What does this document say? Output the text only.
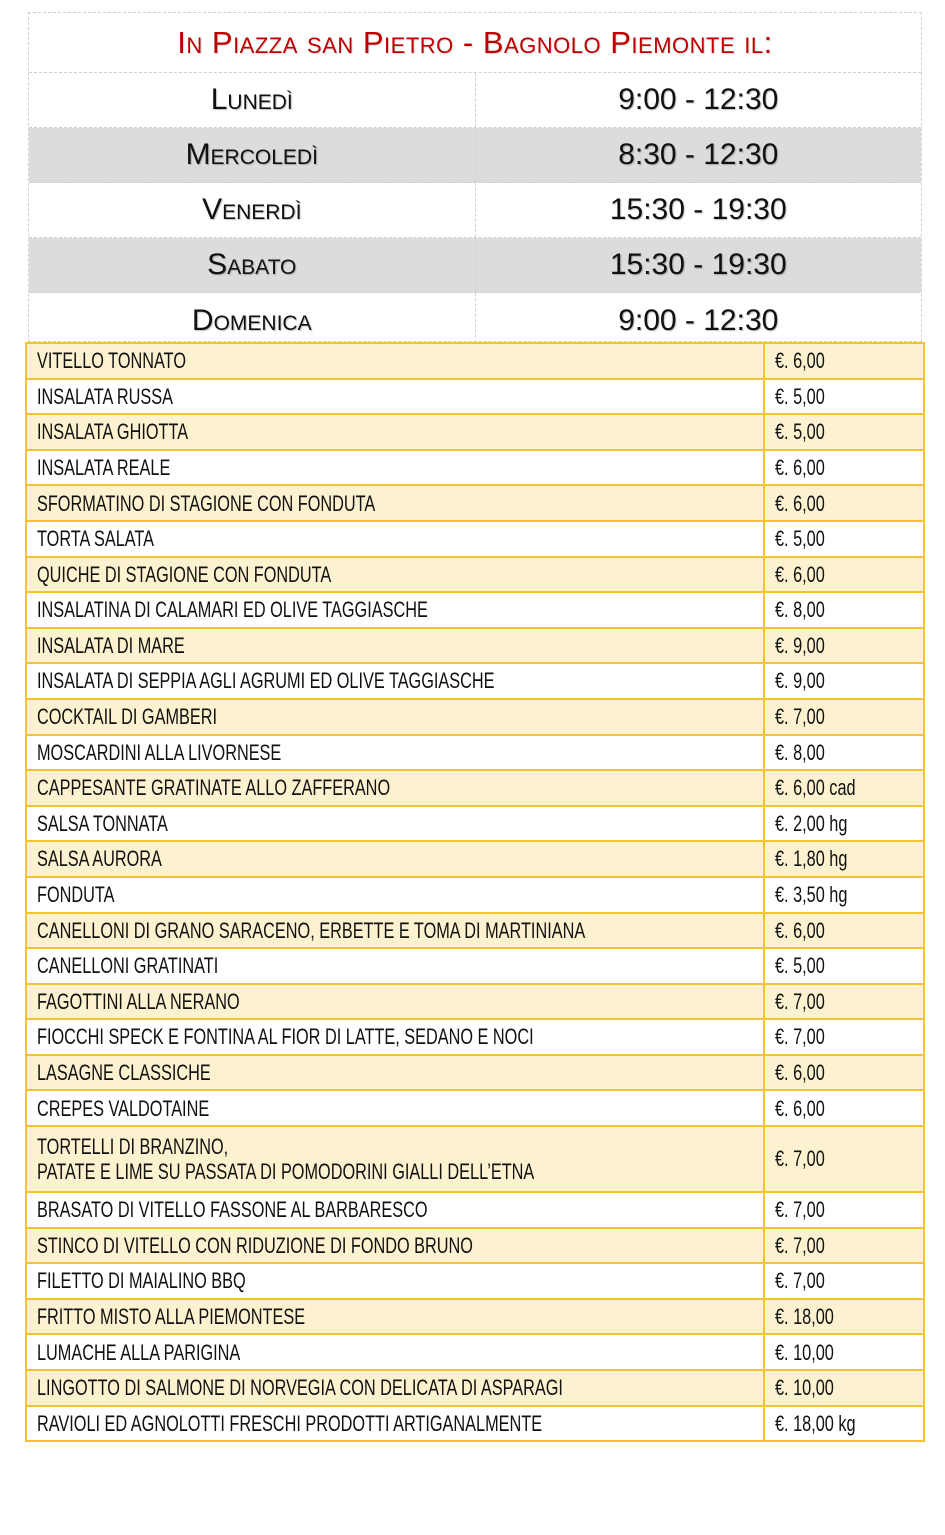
In Piazza san Pietro - Bagnolo Piemonte il:
Lunedì	9:00 - 12:30
Mercoledì	8:30 - 12:30
Venerdì	15:30 - 19:30
Sabato	15:30 - 19:30
Domenica	9:00 - 12:30
VITELLO TONNATO	€. 6,00
INSALATA RUSSA	€. 5,00
INSALATA GHIOTTA	€. 5,00
INSALATA REALE	€. 6,00
SFORMATINO DI STAGIONE CON FONDUTA	€. 6,00
TORTA SALATA	€. 5,00
QUICHE DI STAGIONE CON FONDUTA	€. 6,00
INSALATINA DI CALAMARI ED OLIVE TAGGIASCHE	€. 8,00
INSALATA DI MARE	€. 9,00
INSALATA DI SEPPIA AGLI AGRUMI ED OLIVE TAGGIASCHE	€. 9,00
COCKTAIL DI GAMBERI	€. 7,00
MOSCARDINI ALLA LIVORNESE	€. 8,00
CAPPESANTE GRATINATE ALLO ZAFFERANO	€. 6,00 cad
SALSA TONNATA	€. 2,00 hg
SALSA AURORA	€. 1,80 hg
FONDUTA	€. 3,50 hg
CANELLONI DI GRANO SARACENO, ERBETTE E TOMA DI MARTINIANA	€. 6,00
CANELLONI GRATINATI	€. 5,00
FAGOTTINI ALLA NERANO	€. 7,00
FIOCCHI SPECK E FONTINA AL FIOR DI LATTE, SEDANO E NOCI	€. 7,00
LASAGNE CLASSICHE	€. 6,00
CREPES VALDOTAINE	€. 6,00
TORTELLI DI BRANZINO,
PATATE E LIME SU PASSATA DI POMODORINI GIALLI DELL’ETNA	€. 7,00
BRASATO DI VITELLO FASSONE AL BARBARESCO	€. 7,00
STINCO DI VITELLO CON RIDUZIONE DI FONDO BRUNO	€. 7,00
FILETTO DI MAIALINO BBQ	€. 7,00
FRITTO MISTO ALLA PIEMONTESE	€. 18,00
LUMACHE ALLA PARIGINA	€. 10,00
LINGOTTO DI SALMONE DI NORVEGIA CON DELICATA DI ASPARAGI	€. 10,00
RAVIOLI ED AGNOLOTTI FRESCHI PRODOTTI ARTIGANALMENTE	€. 18,00 kg
